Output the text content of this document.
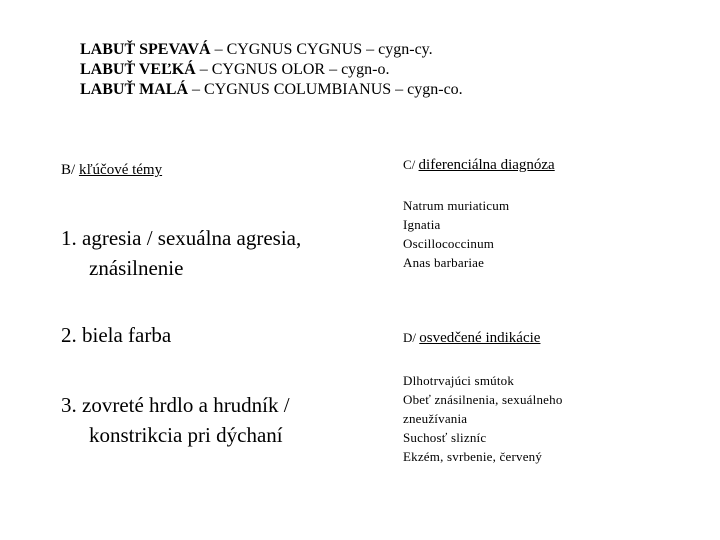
LABUŤ SPEVAVÁ – CYGNUS CYGNUS – cygn-cy.
LABUŤ VEĽKÁ – CYGNUS OLOR – cygn-o.
LABUŤ MALÁ – CYGNUS COLUMBIANUS – cygn-co.
B/ kľúčové témy
1. agresia / sexuálna agresia,
znásilnenie
2. biela farba
3. zovreté hrdlo a hrudník /
konstrikcia pri dýchaní
C/ diferenciálna diagnóza
Natrum muriaticum
Ignatia
Oscillococcinum
Anas barbariae
D/ osvedčené indikácie
Dlhotrvajúci smútok
Obeť znásilnenia, sexuálneho
zneužívania
Suchosť slizníc
Ekzém, svrbenie, červený
